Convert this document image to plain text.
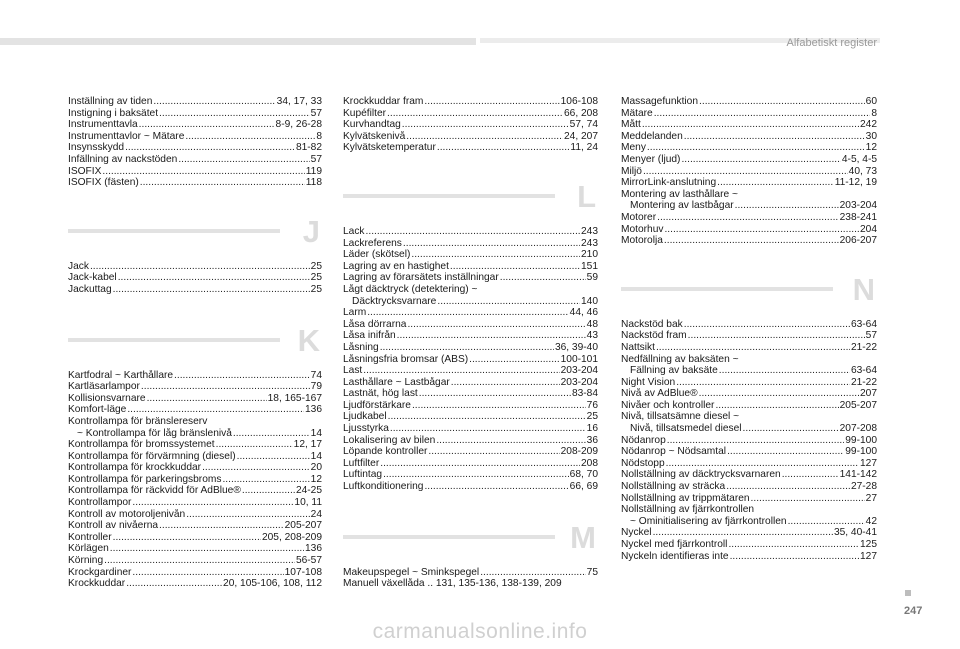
Alfabetiskt register
Inställning av tiden .....	34, 17, 33
Instigning i baksätet .....	57
Instrumenttavla .....	8-9, 26-28
Instrumenttavlor ~ Mätare .....	8
Insynsskydd .....	81-82
Infällning av nackstöden .....	57
ISOFIX .....	119
ISOFIX (fästen) .....	118
J
Jack .....	25
Jack-kabel .....	25
Jackuttag .....	25
K
Kartfodral ~ Karthållare .....	74
Kartläsarlampor .....	79
Kollisionsvarnare .....	18, 165-167
Komfort-läge .....	136
Kontrollampa för bränslereserv
~ Kontrollampa för låg bränslenivå .....	14
Kontrollampa för bromssystemet .....	12, 17
Kontrollampa för förvärmning (diesel) .....	14
Kontrollampa för krockkuddar .....	20
Kontrollampa för parkeringsbroms .....	12
Kontrollampa för räckvidd för AdBlue® .....	24-25
Kontrollampor .....	10, 11
Kontroll av motoroljenivån .....	24
Kontroll av nivåerna .....	205-207
Kontroller .....	205, 208-209
Körlägen .....	136
Körning .....	56-57
Krockgardiner .....	107-108
Krockkuddar .....	20, 105-106, 108, 112
Krockkuddar fram .....	106-108
Kupéfilter .....	66, 208
Kurvhandtag .....	57, 74
Kylvätskenivå .....	24, 207
Kylvätsketemperatur .....	11, 24
L
Lack .....	243
Lackreferens .....	243
Läder (skötsel) .....	210
Lagring av en hastighet .....	151
Lagring av förarsätets inställningar .....	59
Lågt däcktryck (detektering) ~
Däcktrycksvarnare .....	140
Larm .....	44, 46
Låsa dörrarna .....	48
Låsa inifrån .....	43
Låsning .....	36, 39-40
Låsningsfria bromsar (ABS) .....	100-101
Last .....	203-204
Lasthållare ~ Lastbågar .....	203-204
Lastnät, hög last .....	83-84
Ljudförstärkare .....	76
Ljudkabel .....	25
Ljusstyrka .....	16
Lokalisering av bilen .....	36
Löpande kontroller .....	208-209
Luftfilter .....	208
Luftintag .....	68, 70
Luftkonditionering .....	66, 69
M
Makeupspegel ~ Sminkspegel .....	75
Manuell växellåda .. 131, 135-136, 138-139, 209
Massagefunktion .....	60
Mätare .....	8
Mått .....	242
Meddelanden .....	30
Meny .....	12
Menyer (ljud) .....	4-5, 4-5
Miljö .....	40, 73
MirrorLink-anslutning .....	11-12, 19
Montering av lasthållare ~
Montering av lastbågar .....	203-204
Motorer .....	238-241
Motorhuv .....	204
Motorolja .....	206-207
N
Nackstöd bak .....	63-64
Nackstöd fram .....	57
Nattsikt .....	21-22
Nedfällning av baksäten ~
Fällning av baksäte .....	63-64
Night Vision .....	21-22
Nivå av AdBlue® .....	207
Nivåer och kontroller .....	205-207
Nivå, tillsatsämne diesel ~
Nivå, tillsatsmedel diesel .....	207-208
Nödanrop .....	99-100
Nödanrop ~ Nödsamtal .....	99-100
Nödstopp .....	127
Nollställning av däcktrycksvarnaren .....	141-142
Nollställning av sträcka .....	27-28
Nollställning av trippmätaren .....	27
Nollställning av fjärrkontrollen
~ Ominitialisering av fjärrkontrollen .....	42
Nyckel .....	35, 40-41
Nyckel med fjärrkontroll .....	125
Nyckeln identifieras inte .....	127
247
carmanualsonline.info
